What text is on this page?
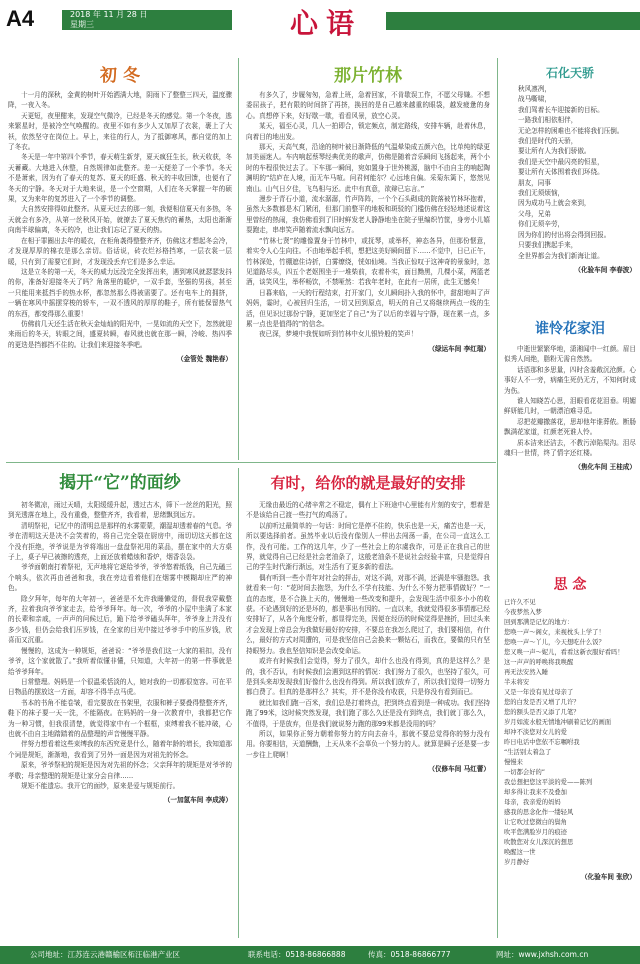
A4	2018 年 11 月 28 日
星期三	心语
初 冬

十一月的深秋，金黄的树叶开始洒满大地，阴雨下了整整三四天，温度骤降，一夜入冬。

天更短，夜里酣来，发现空气微冷，已经是冬天的感觉。第一个冬夜，逃来繁星时，是被冷空气唤醒的。夜里不如有多少人又加厚了衣裳，裹上了大袄，依然坚守在岗位上。早上，来往的行人，为了抵御寒风，都自觉的加上了冬衣。

冬天是一年中第四个季节，春天萌生新芽，夏天疯狂生长，秋天收获，冬天蓄藏。大地进入休整，自然规律如此整齐。差一天便差了一个季节。冬天不是萧索，因为有了春天的复苏、夏天的旺盛、秋天的丰收回馈，也便有了冬天的宁静。冬天对于大地来说，是一个空窗期，人们在冬天掌握一年的硕果，又为来年的复苏进入了一个季节的调整。

大自然安排得如此整齐。从夏天过去的那一刻，我便相信夏天有多热，冬天就会有多冷，从第一丝秋风开始，就撩去了夏天焦灼的蓄热，太阳也渐渐向南半球偏离，冬天的冷，也让我们忘记了夏天的热。

在相于罪圈出去年的暖衣，在柜角袭得整整齐齐，仿佛这才想起冬会冷，才发现厚厚的棉衣是那么亲切。俗话说，砖衣烂衫格挡寒，一层衣裳一层暖，只有到了需要它们时，才发现没丢弃它们是多么幸运。

这是立冬的第一天，冬天的威力远没完全发挥出来，遇到寒风就瑟瑟发抖的你，准备好迎接冬天了吗？角落里的暖炉，一双手套，坚强的男孩，甚至一只能用来抵挡手的热水杯，都忽然那么得被需要了。还有电车上的拥挤，一辆在寒风中摇摆穿梭的轿车，一双不透风的厚厚的鞋子，所有能保留热气的东西，都变得那么重要！

仿佛前几天还生活在秋天金灿灿的阳光中，一晃如流的天空下，忽然就迎来雨后的冬天，转眼之间，盛夏转瞬，春风就也就在那一瞬，冷峻、热四季的更迭是挡都挡不住的。让我们来迎接冬季吧。

（金管处 魏艳春）
那片竹林

有多久了，步履匆匆，急着上班，急着回家，不肯歇误工作，不愿父母嫌。不想委屈孩子，把有限的时间挤了再挤，换回的是自己越来越重的眼袋，越发疲惫的身心。真想停下来，好好歇一歇，看看风景，放空心灵。

某天，福至心灵，几人一拍即合，锁定频点，制定路线，安排车辆，赴着休息，向着目的地出发。

那天，天高气爽，沿途的树叶被日渐降低的气温晕染成五颜六色，比单纯的绿更加美丽迷人。车内响起蔡琴经典优美的歌声，仿佛是随着音乐瞬间飞扬起来，两个小时的车程很快过去了。下车那一瞬间，宛如置身于世外桃源，脑中不由自主的响起陶渊明的“结庐在人境，而无车马喧。问君何能尔？心远地自偏。采菊东篱下，悠然见南山。山气日夕佳，飞鸟相与还。此中有真意，欲辩已忘言。”

漫步于青石小道，流水潺潺，竹声阵阵，一个个石头砌成的院落被竹林环抱着，虽然大多数都是木门紧闭，但那门前整平的地板和斑驳的门槛仿佛在轻轻地述说着这里曾经的热闹，我仿佛看到了旧时鲜发老人静静地坐在院子里编织竹筐，身旁小儿嬉耍跑走，串串笑声随着流水飘向远方。

“竹林七贤”的雕像置身于竹林中，或抚琴，或举杯，神态各异，但那份惬意，着实令人心生向往。不由地举起手机，想把这美好瞬间留下……不觉中，日已正午，竹林深处，竹棚遮住诗折，白雾缭绕，恍如仙境。当我正惊叹于这神奇的景象时，忽见道路尽头，四五个老妪围坐于一堆柴前，农着朴实，面目黝黑，几棵小菜，两篮老酒，谈笑风生，举杯畅饮，不禁哑然：若我年老时，在此有一居所，此生无憾矣！

日暮来临，一天的行程结束，打开家门，女儿瞬间扑入我的怀中，甜甜地叫了声妈妈，霎时，心被回归生活，一切又回到原点，明天的自己又将继续两点一线的生活，但见识过那份宁静，更加坚定了自己“为了以后的幸福与宁静，现在累一点，多累一点也是值得的”的信念。

夜已深，梦境中我恍如听到竹林中女儿银铃般的笑声！

（绿运车间 李红瑞）
揭开“它”的面纱

初冬微凉，雨过天晴，太阳缓缓升起，透过古木，筛下一丝丝的阳光，照到光透落在地上，没有重叠，整整齐齐，我看着，思绪飘到远方。

清明祭祀，记忆中的清明总是那样的水雾蒙蒙，潮湿却透着春的气息。爷爷在清明这天是决不会笑着的，将自己完全裂在厨房中，雨切切这天都在这个没有拒绝，爷爷说是为爷将端出一盘盘祭祀用的菜品，摆在家中的大方桌子上，桌子早已被擦的透亮，上面还放着蜡烛和香炉，烟香袅袅。

爷爷面朝南打着祭祀，无声地将它逐给爷爷，爷爷悠着纸钱，自己先磕三个响头，依次再由爸爸和我，我在旁边看着他们在烟雾中模糊却庄严的神色。

除夕拜年，每年的大年初一，爸爸是不允许我睡懒觉的，督促我穿戴整齐，拉着我向爷爷家走去，给爷爷拜年。每一次，爷爷的小屋中坐满了本家的长辈和亲戚，一声声的问候过后，跪下给爷爷磕头拜年，爷爷身上并没有多少钱，但仍会给我们压岁钱，在全家的目光中接过爷爷手中的压岁钱，欣喜而又沉重。

慢慢的，这成为一种规矩，爸爸说：“爷爷是我们这一大家的祖扣，没有爷爷，这个家就散了。”我听着似懂非懂，只知道，大年初一的第一件事就是给爷爷拜年。

日常整理。妈妈是一个很温柔恬淡的人，她对我的一切都很宽容。可在平日物品的摆放这一方面，却容不得半点马虎。

书本的书角不能卷皱，看完要放在书架里，衣服和裤子要叠得整整齐齐，鞋下的袜子要一天一洗，不能隔夜。在妈妈的一身一次教育中，我都把它作为一种习惯，但我很清楚，就觉得家中有一个框框，束缚着我不能冲破，心也就不由自主地踏踏着的品整理的声音慢慢平静。

伴努力想看着这些束缚我的东西究竟是什么，随着年龄的增长，我知道那个词是规矩，渐渐地，我看到了另外一面是因为对祖先的怀念。

原来，爷爷祭祀的规矩是因为对先祖的怀念；父亲拜年的规矩是对爷爷的孝敬；母亲整理的规矩是让家分会自律……

规矩不能遗忘。我开它的面纱，原来是爱与规矩前行。

（一加氢车间 李成涛）
有时，给你的就是最好的安排

无缘由最近的心绪辛常之不稳定，偶有上下班途中心里能有片刻的安宁，想着是不是该给自己渡一些打气的鸡汤了。

以前听过最简单的一句话：时间它是停不住的，快乐也是一天，痛苦也是一天，所以要选择前者。虽然毕业以后没有像别人一样出去闯荡一番，在公司一直这么工作，没有可能。工作的这几年，少了一些社会上的尔虞我诈，可是正在我自己的世界，就觉得自己已经是社会老油条了，这般老油条不是说社会经验丰富，只是觉得自己的学生时代渐行渐远，对生活有了更多新的看法。

偶有听到一些小青年对社会的抨击，对这不满，对那不满，还满是牢骚抱怨。我就看来一句：“花时间去抱怨，为什么不学有技能、为什么不努力把事情做好？”一直的态度，是不合换上天的，慢慢地一些改变和提升，会发现生活中很多小小的收获。不论遇到好的还是坏的，都是事出有因的。一直以来，我就觉得很多事情都已经安排好了，从各个角度分析，都显得完美，因便在经历的时候觉得是挫折，回过头来才会发现上帝总会为我做好最好的安排，不要总在我怎么爬过了，我们要相信，有什么，最好的方式对周遭的，可是我坚信自己会换来一颗钻石，而我在，要做的只有坚持眼努力。我也坚信知识是会改变命运。

或许有时候我们会觉得，努力了很久，却什么也没有得到，真的是这样么？是的，我不否认，有时候我们会遇到这样的情况：我们努力了很久，也坚持了很久，可是到头来却发现我们好像什么也没有得到。所以我们放弃了，所以我们觉得一切努力都白费了。但真的是那样么？其实，并不是你没有收获，只是你没有看到而已。

就比如我们跑一百米，我们总是打着终点，把到终点看到是一种成功。我们坚持跑了99米，这时候突然发现，我们跑了那么久还是没有到终点，我们就丁那么久，不值得，于是放弃，但是我们就说努力跑的那99米都是没用的吗？

所以，如果你正努力朝着你努力的方向去奋斗，那就不要总觉得你的努力没有用。你要相信，天道酬勤，上天从来不会辜负一个努力的人。就算是瞬子还是要一步一步往上爬啊！

（仪修车间 马红蕾）
石化天骄

秋风凛冽，

战马嘶啸，

我们驾着长车迎接新的目标。

一路我们相依相伴，

无论怎样的困难也不能将我们压倒。

我们是时代的天骄，

要让所有人为我们骄傲。

我们是天空中最闪亮的恒星，

要让所有天体围着我们环绕。

朋友，同事

我们无须烦恼，

因为成功马上就会来到，

父母，兄弟

你们无须辛劳，

因为你们的付出将会得到回报。

只要我们携起手来，

全世界都会为我们新海让道。

（化验车间 李春波）
谁怜花家泪

中逝世繁繁华地，潇湘闻中一红颜。眉目似秀人间绝，脂粉无需自然然。

话语那和多思量，四时含羞敞沉沧颜。心事好人不一旁，病痛生死仍无方，不知何时成为伤。

谁人知晓苦心思，泪眼看花花泪垂。明媚鲜妍能几时，一朝漂泊难寻觅。

忍把花瓣撒落花，思却他年谁葬侬。断肠飘满花家道，红颜老死谁人怜。

质本洁来还洁去，不教污淖陷渠沟。泪尽魂归一世情，终了情字还红楼。

（焦化车间 王桂成）
思 念

已许久不见

今夜梦然入梦

回到那满是记忆的地方：

您唤一声～阁女，来视枕头上学了！

您唤一声～丫儿，今天想吃什么饭？

您又唤一声～妮儿，看看这新衣服好看吗！

这一声声的呼唤将我唤醒

再无法安然入睡

半未将安

又是一年没有见过母亲了

您的白发是否又增了几许？

您的额头是否又添了几笔？

岁月如流水般无情地冲刷着记忆的画面

却冲不淡您对女儿的爱

昨日电话中您依不忘嘱咐我

“生活别太着急了

慢慢来

一切都会好的”

我总想把您这平淡的爱——陈列

却多得让我来不及叠加

母亲，我亲爱的妈妈

感我的思念化作一缕轻风

让它吹过您微白的鬓角

吹平您满脸岁月的痕迹

吹散您对女儿深沉的想思

唤醒这一世

岁月静好

（化验车间 张欣）
公司地址：江苏连云港赣榆区柘汪临港产业区	联系电话：0518-86866888	传真：0518-86866777	网址：www.jxhsh.com.cn
